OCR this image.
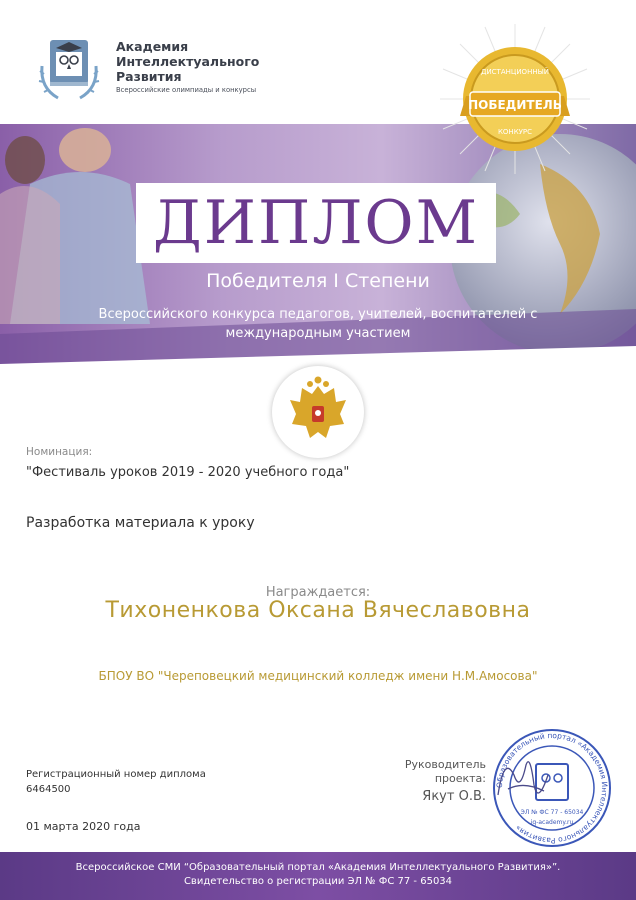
Академия
Интеллектуального
Развития
Всероссийские олимпиады и конкурсы
ДИСТАНЦИОННЫЙ
ПОБЕДИТЕЛЬ
КОНКУРС
ДИПЛОМ
Победителя I Степени
Всероссийского конкурса педагогов, учителей, воспитателей с международным участием
Номинация:
"Фестиваль уроков 2019 - 2020 учебного года"
Разработка материала к уроку
Награждается:
Тихоненкова Оксана Вячеславовна
БПОУ ВО "Череповецкий медицинский колледж имени Н.М.Амосова"
Регистрационный номер диплома
6464500
01 марта 2020 года
Руководитель
проекта:
Якут О.В.
Образовательный портал «Академия Интеллектуального Развития»
ЭЛ № ФС 77 - 65034
iq-academy.ru
Всероссийское СМИ “Образовательный портал «Академия Интеллектуального Развития»”.
Свидетельство о регистрации ЭЛ № ФС 77 - 65034
